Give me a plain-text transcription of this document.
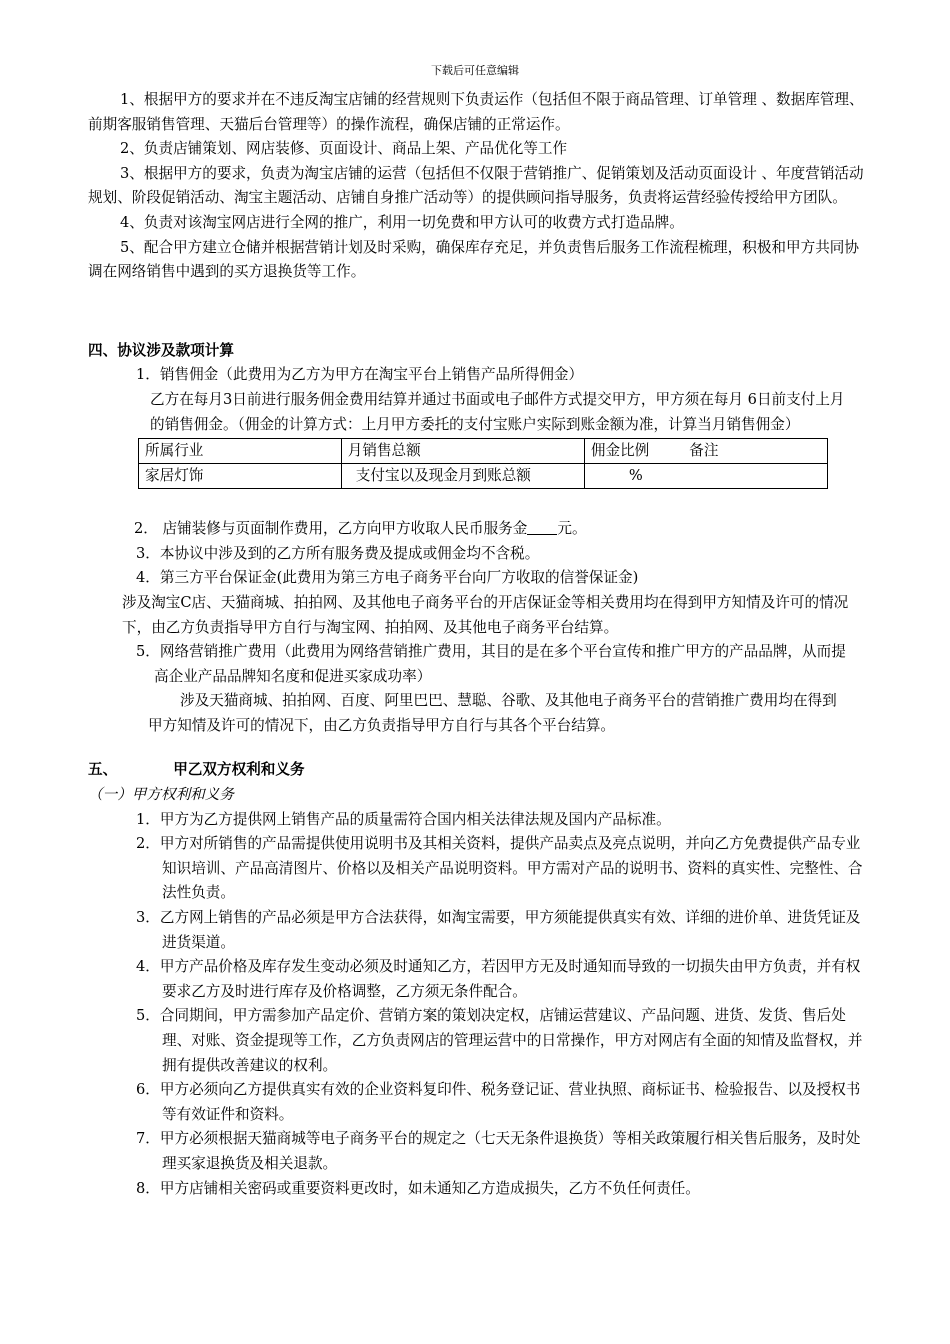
下载后可任意编辑

1、根据甲方的要求并在不违反淘宝店铺的经营规则下负责运作（包括但不限于商品管理、订单管理 、数据库管理、前期客服销售管理、天猫后台管理等）的操作流程，确保店铺的正常运作。

2、负责店铺策划、网店装修、页面设计、商品上架、产品优化等工作

3、根据甲方的要求，负责为淘宝店铺的运营（包括但不仅限于营销推广、促销策划及活动页面设计 、年度营销活动规划、阶段促销活动、淘宝主题活动、店铺自身推广活动等）的提供顾问指导服务，负责将运营经验传授给甲方团队。

4、负责对该淘宝网店进行全网的推广，利用一切免费和甲方认可的收费方式打造品牌。

5、配合甲方建立仓储并根据营销计划及时采购，确保库存充足，并负责售后服务工作流程梳理，积极和甲方共同协调在网络销售中遇到的买方退换货等工作。

四、协议涉及款项计算

1．销售佣金（此费用为乙方为甲方在淘宝平台上销售产品所得佣金）

乙方在每月3日前进行服务佣金费用结算并通过书面或电子邮件方式提交甲方，甲方须在每月 6日前支付上月的销售佣金。（佣金的计算方式：上月甲方委托的支付宝账户实际到账金额为准，计算当月销售佣金）

所属行业	月销售总额	佣金比例 备注
家居灯饰	支付宝以及现金月到账总额	%

2． 店铺装修与页面制作费用，乙方向甲方收取人民币服务金 元。

3．本协议中涉及到的乙方所有服务费及提成或佣金均不含税。

4．第三方平台保证金(此费用为第三方电子商务平台向厂方收取的信誉保证金)

涉及淘宝C店、天猫商城、拍拍网、及其他电子商务平台的开店保证金等相关费用均在得到甲方知情及许可的情况下，由乙方负责指导甲方自行与淘宝网、拍拍网、及其他电子商务平台结算。

5．网络营销推广费用（此费用为网络营销推广费用，其目的是在多个平台宣传和推广甲方的产品品牌，从而提高企业产品品牌知名度和促进买家成功率）

涉及天猫商城、拍拍网、百度、阿里巴巴、慧聪、谷歌、及其他电子商务平台的营销推广费用均在得到甲方知情及许可的情况下，由乙方负责指导甲方自行与其各个平台结算。

五、	甲乙双方权利和义务

（一）甲方权利和义务

1．甲方为乙方提供网上销售产品的质量需符合国内相关法律法规及国内产品标准。

2．甲方对所销售的产品需提供使用说明书及其相关资料，提供产品卖点及亮点说明，并向乙方免费提供产品专业知识培训、产品高清图片、价格以及相关产品说明资料。甲方需对产品的说明书、资料的真实性、完整性、合法性负责。

3．乙方网上销售的产品必须是甲方合法获得，如淘宝需要，甲方须能提供真实有效、详细的进价单、进货凭证及进货渠道。

4．甲方产品价格及库存发生变动必须及时通知乙方，若因甲方无及时通知而导致的一切损失由甲方负责，并有权要求乙方及时进行库存及价格调整，乙方须无条件配合。

5．合同期间，甲方需参加产品定价、营销方案的策划决定权，店铺运营建议、产品问题、进货、发货、售后处理、对账、资金提现等工作，乙方负责网店的管理运营中的日常操作，甲方对网店有全面的知情及监督权，并拥有提供改善建议的权利。

6．甲方必须向乙方提供真实有效的企业资料复印件、税务登记证、营业执照、商标证书、检验报告、以及授权书等有效证件和资料。

7．甲方必须根据天猫商城等电子商务平台的规定之（七天无条件退换货）等相关政策履行相关售后服务，及时处理买家退换货及相关退款。

8．甲方店铺相关密码或重要资料更改时，如未通知乙方造成损失，乙方不负任何责任。
